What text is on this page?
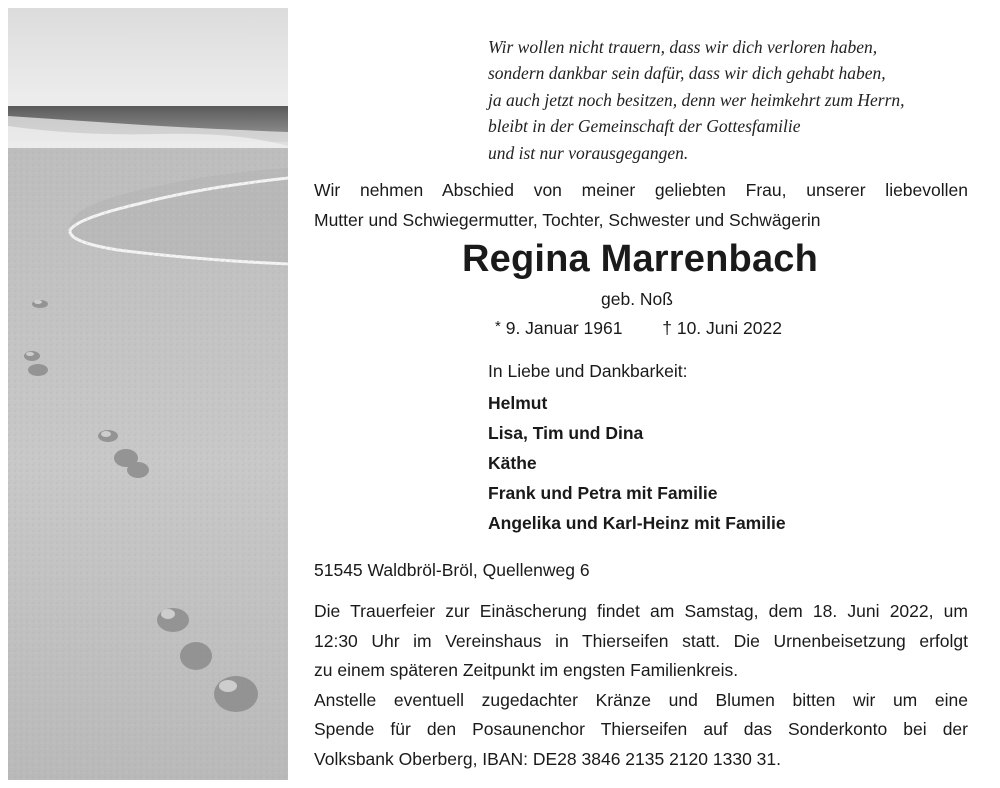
Wir wollen nicht trauern, dass wir dich verloren haben,
sondern dankbar sein dafür, dass wir dich gehabt haben,
ja auch jetzt noch besitzen, denn wer heimkehrt zum Herrn,
bleibt in der Gemeinschaft der Gottesfamilie
und ist nur vorausgegangen.
Wir nehmen Abschied von meiner geliebten Frau, unserer liebevollen
Mutter und Schwiegermutter, Tochter, Schwester und Schwägerin
Regina Marrenbach
geb. Noß
* 9. Januar 1961 † 10. Juni 2022
In Liebe und Dankbarkeit:
Helmut
Lisa, Tim und Dina
Käthe
Frank und Petra mit Familie
Angelika und Karl-Heinz mit Familie
51545 Waldbröl-Bröl, Quellenweg 6
Die Trauerfeier zur Einäscherung findet am Samstag, dem 18. Juni 2022, um
12:30 Uhr im Vereinshaus in Thierseifen statt. Die Urnenbeisetzung erfolgt
zu einem späteren Zeitpunkt im engsten Familienkreis.
Anstelle eventuell zugedachter Kränze und Blumen bitten wir um eine
Spende für den Posaunenchor Thierseifen auf das Sonderkonto bei der
Volksbank Oberberg, IBAN: DE28 3846 2135 2120 1330 31.
